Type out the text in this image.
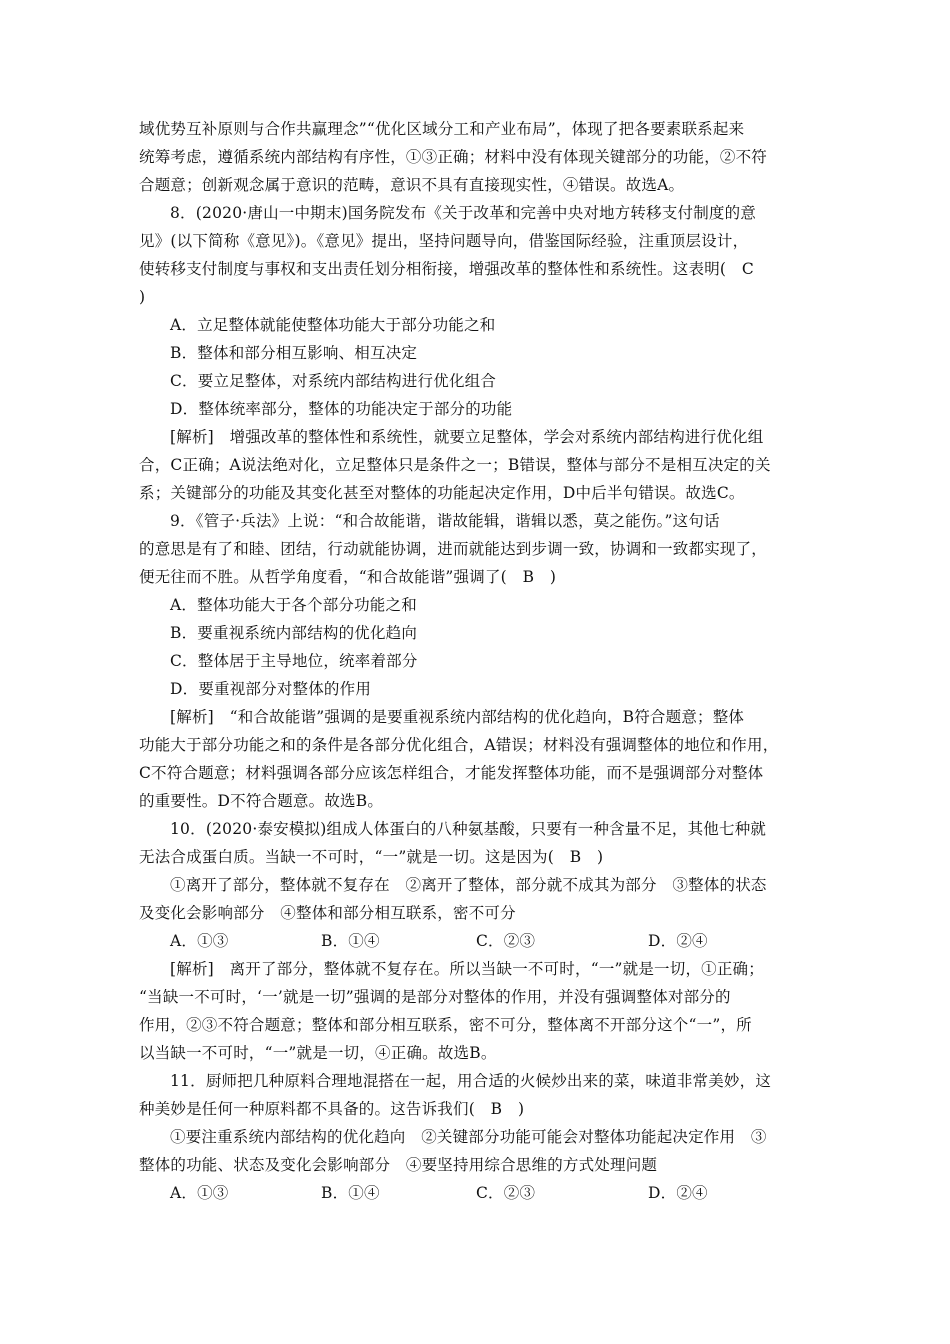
域优势互补原则与合作共赢理念”“优化区域分工和产业布局”，体现了把各要素联系起来
统筹考虑，遵循系统内部结构有序性，①③正确；材料中没有体现关键部分的功能，②不符
合题意；创新观念属于意识的范畴，意识不具有直接现实性，④错误。故选A。
8．(2020·唐山一中期末)国务院发布《关于改革和完善中央对地方转移支付制度的意
见》(以下简称《意见》)。《意见》提出，坚持问题导向，借鉴国际经验，注重顶层设计，
使转移支付制度与事权和支出责任划分相衔接，增强改革的整体性和系统性。这表明(　C
)
A．立足整体就能使整体功能大于部分功能之和
B．整体和部分相互影响、相互决定
C．要立足整体，对系统内部结构进行优化组合
D．整体统率部分，整体的功能决定于部分的功能
[解析]　增强改革的整体性和系统性，就要立足整体，学会对系统内部结构进行优化组
合，C正确；A说法绝对化，立足整体只是条件之一；B错误，整体与部分不是相互决定的关
系；关键部分的功能及其变化甚至对整体的功能起决定作用，D中后半句错误。故选C。
9．《管子·兵法》上说：“和合故能谐，谐故能辑，谐辑以悉，莫之能伤。”这句话
的意思是有了和睦、团结，行动就能协调，进而就能达到步调一致，协调和一致都实现了，
便无往而不胜。从哲学角度看，“和合故能谐”强调了(　B　)
A．整体功能大于各个部分功能之和
B．要重视系统内部结构的优化趋向
C．整体居于主导地位，统率着部分
D．要重视部分对整体的作用
[解析]　“和合故能谐”强调的是要重视系统内部结构的优化趋向，B符合题意；整体
功能大于部分功能之和的条件是各部分优化组合，A错误；材料没有强调整体的地位和作用，
C不符合题意；材料强调各部分应该怎样组合，才能发挥整体功能，而不是强调部分对整体
的重要性。D不符合题意。故选B。
10．(2020·泰安模拟)组成人体蛋白的八种氨基酸，只要有一种含量不足，其他七种就
无法合成蛋白质。当缺一不可时，“一”就是一切。这是因为(　B　)
①离开了部分，整体就不复存在　②离开了整体，部分就不成其为部分　③整体的状态
及变化会影响部分　④整体和部分相互联系，密不可分
A．①③	B．①④	C．②③	D．②④
[解析]　离开了部分，整体就不复存在。所以当缺一不可时，“一”就是一切，①正确；
“当缺一不可时，‘一’就是一切”强调的是部分对整体的作用，并没有强调整体对部分的
作用，②③不符合题意；整体和部分相互联系，密不可分，整体离不开部分这个“一”，所
以当缺一不可时，“一”就是一切，④正确。故选B。
11．厨师把几种原料合理地混搭在一起，用合适的火候炒出来的菜，味道非常美妙，这
种美妙是任何一种原料都不具备的。这告诉我们(　B　)
①要注重系统内部结构的优化趋向　②关键部分功能可能会对整体功能起决定作用　③
整体的功能、状态及变化会影响部分　④要坚持用综合思维的方式处理问题
A．①③	B．①④	C．②③	D．②④
